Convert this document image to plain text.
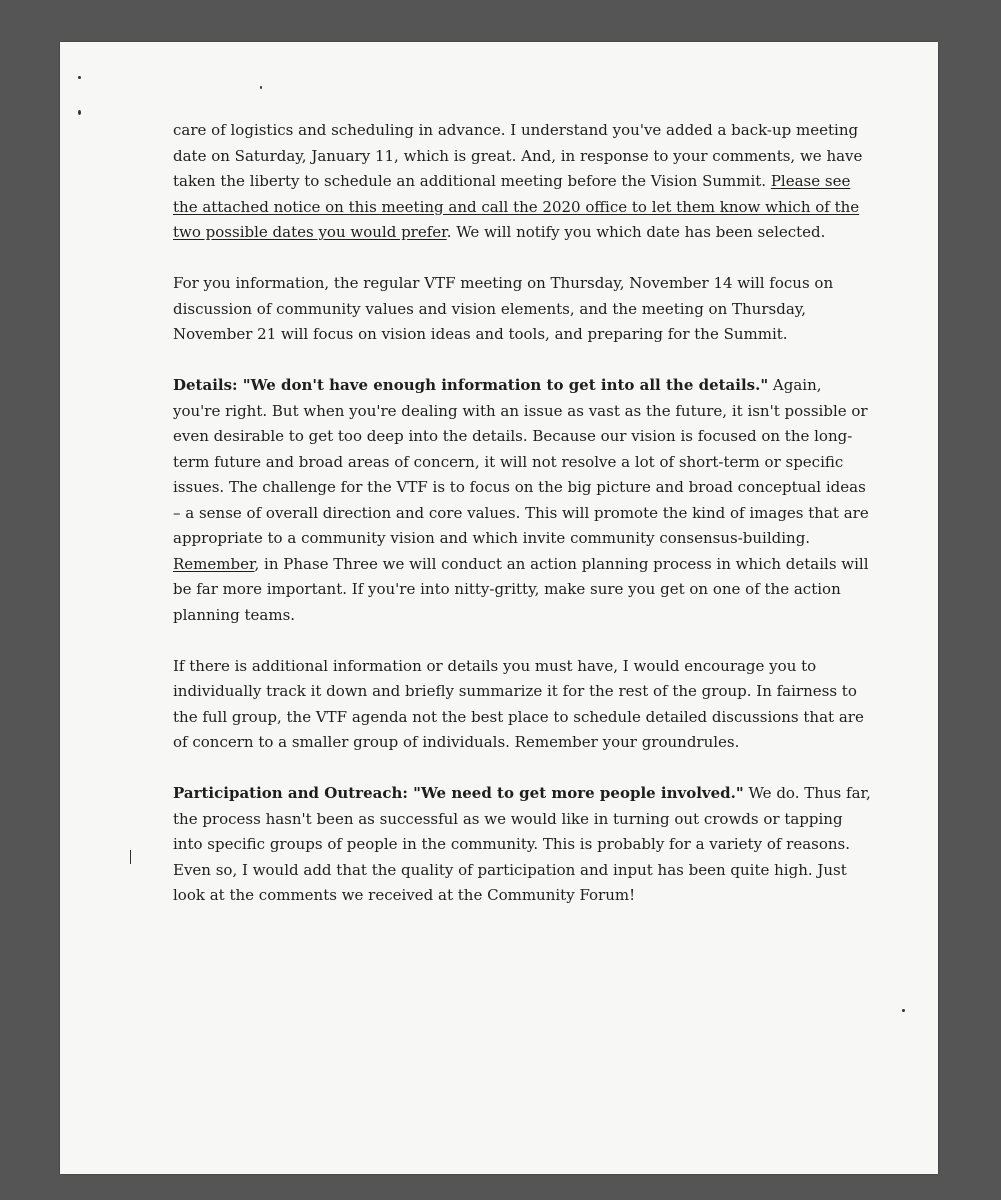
care of logistics and scheduling in advance. I understand you've added a back-up meeting date on Saturday, January 11, which is great. And, in response to your comments, we have taken the liberty to schedule an additional meeting before the Vision Summit. Please see the attached notice on this meeting and call the 2020 office to let them know which of the two possible dates you would prefer. We will notify you which date has been selected.

For you information, the regular VTF meeting on Thursday, November 14 will focus on discussion of community values and vision elements, and the meeting on Thursday, November 21 will focus on vision ideas and tools, and preparing for the Summit.

Details: "We don't have enough information to get into all the details." Again, you're right. But when you're dealing with an issue as vast as the future, it isn't possible or even desirable to get too deep into the details. Because our vision is focused on the long-term future and broad areas of concern, it will not resolve a lot of short-term or specific issues. The challenge for the VTF is to focus on the big picture and broad conceptual ideas – a sense of overall direction and core values. This will promote the kind of images that are appropriate to a community vision and which invite community consensus-building. Remember, in Phase Three we will conduct an action planning process in which details will be far more important. If you're into nitty-gritty, make sure you get on one of the action planning teams.

If there is additional information or details you must have, I would encourage you to individually track it down and briefly summarize it for the rest of the group. In fairness to the full group, the VTF agenda not the best place to schedule detailed discussions that are of concern to a smaller group of individuals. Remember your groundrules.

Participation and Outreach: "We need to get more people involved." We do. Thus far, the process hasn't been as successful as we would like in turning out crowds or tapping into specific groups of people in the community. This is probably for a variety of reasons. Even so, I would add that the quality of participation and input has been quite high. Just look at the comments we received at the Community Forum!
